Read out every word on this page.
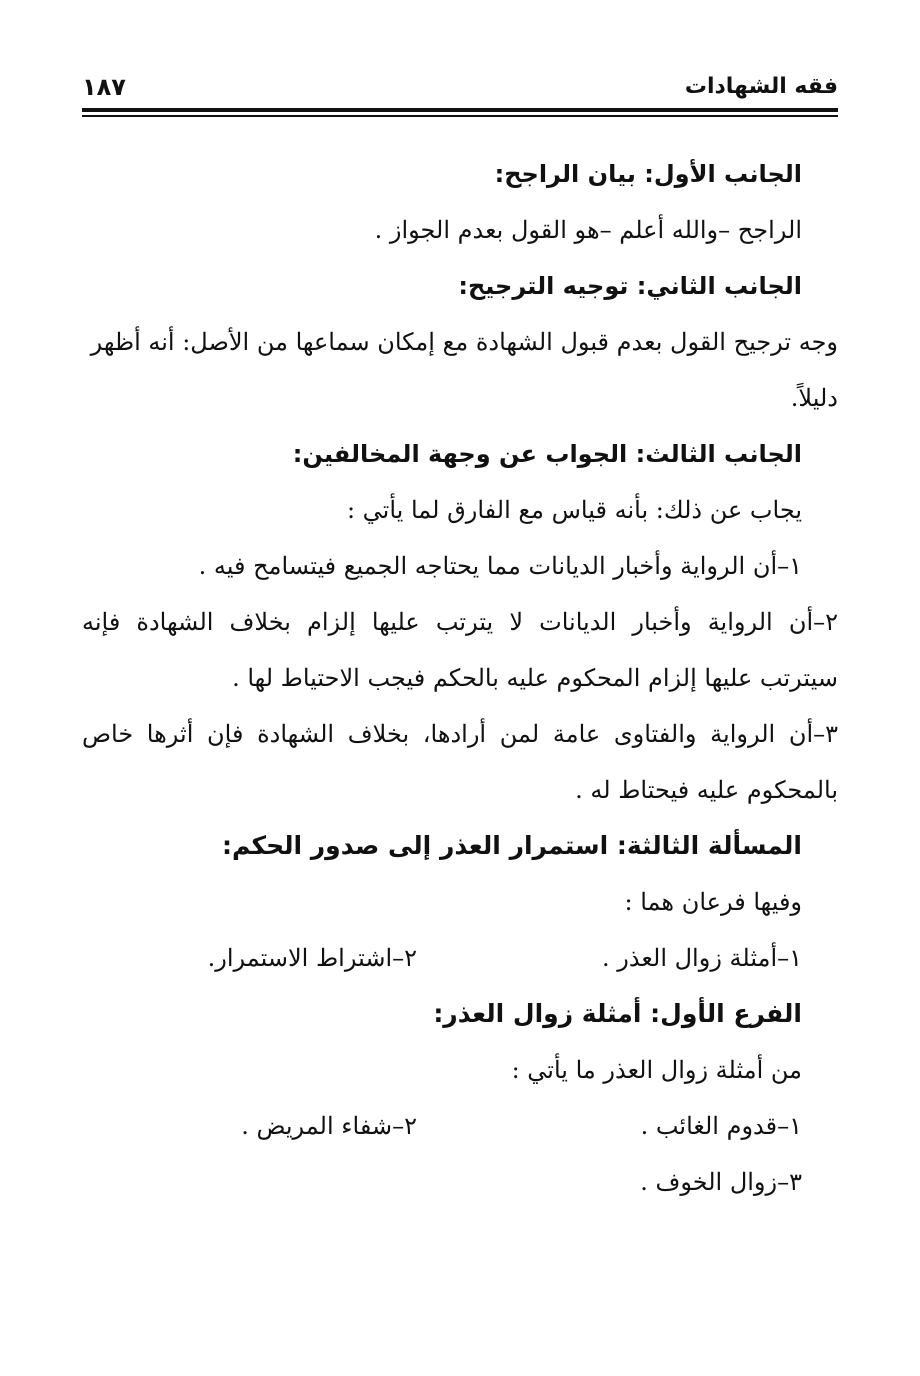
فقه الشهادات
١٨٧

الجانب الأول: بيان الراجح:

الراجح –والله أعلم –هو القول بعدم الجواز .

الجانب الثاني: توجيه الترجيح:

وجه ترجيح القول بعدم قبول الشهادة مع إمكان سماعها من الأصل: أنه أظهر دليلاً.

الجانب الثالث: الجواب عن وجهة المخالفين:

يجاب عن ذلك: بأنه قياس مع الفارق لما يأتي :

١–أن الرواية وأخبار الديانات مما يحتاجه الجميع فيتسامح فيه .

٢–أن الرواية وأخبار الديانات لا يترتب عليها إلزام بخلاف الشهادة فإنه سيترتب عليها إلزام المحكوم عليه بالحكم فيجب الاحتياط لها .

٣–أن الرواية والفتاوى عامة لمن أرادها، بخلاف الشهادة فإن أثرها خاص بالمحكوم عليه فيحتاط له .

المسألة الثالثة: استمرار العذر إلى صدور الحكم:

وفيها فرعان هما :

١–أمثلة زوال العذر .
٢–اشتراط الاستمرار.

الفرع الأول: أمثلة زوال العذر:

من أمثلة زوال العذر ما يأتي :

١–قدوم الغائب .
٢–شفاء المريض .

٣–زوال الخوف .
